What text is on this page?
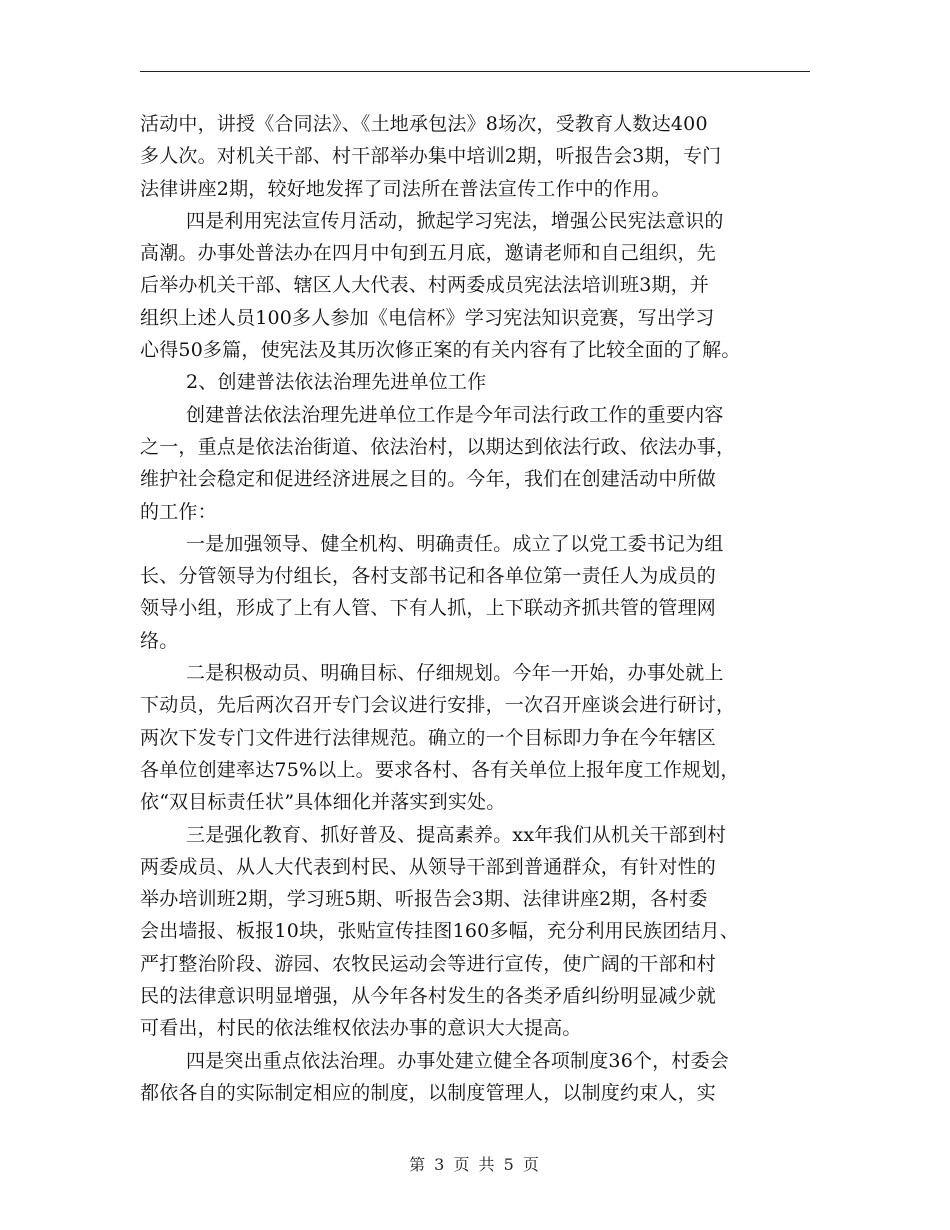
活动中，讲授《合同法》、《土地承包法》8场次，受教育人数达400
多人次。对机关干部、村干部举办集中培训2期，听报告会3期，专门
法律讲座2期，较好地发挥了司法所在普法宣传工作中的作用。
四是利用宪法宣传月活动，掀起学习宪法，增强公民宪法意识的
高潮。办事处普法办在四月中旬到五月底，邀请老师和自己组织，先
后举办机关干部、辖区人大代表、村两委成员宪法法培训班3期，并
组织上述人员100多人参加《电信杯》学习宪法知识竞赛，写出学习
心得50多篇，使宪法及其历次修正案的有关内容有了比较全面的了解。
2、创建普法依法治理先进单位工作
创建普法依法治理先进单位工作是今年司法行政工作的重要内容
之一，重点是依法治街道、依法治村，以期达到依法行政、依法办事，
维护社会稳定和促进经济进展之目的。今年，我们在创建活动中所做
的工作：
一是加强领导、健全机构、明确责任。成立了以党工委书记为组
长、分管领导为付组长，各村支部书记和各单位第一责任人为成员的
领导小组，形成了上有人管、下有人抓，上下联动齐抓共管的管理网
络。
二是积极动员、明确目标、仔细规划。今年一开始，办事处就上
下动员，先后两次召开专门会议进行安排，一次召开座谈会进行研讨，
两次下发专门文件进行法律规范。确立的一个目标即力争在今年辖区
各单位创建率达75%以上。要求各村、各有关单位上报年度工作规划，
依“双目标责任状”具体细化并落实到实处。
三是强化教育、抓好普及、提高素养。xx年我们从机关干部到村
两委成员、从人大代表到村民、从领导干部到普通群众，有针对性的
举办培训班2期，学习班5期、听报告会3期、法律讲座2期，各村委
会出墙报、板报10块，张贴宣传挂图160多幅，充分利用民族团结月、
严打整治阶段、游园、农牧民运动会等进行宣传，使广阔的干部和村
民的法律意识明显增强，从今年各村发生的各类矛盾纠纷明显减少就
可看出，村民的依法维权依法办事的意识大大提高。
四是突出重点依法治理。办事处建立健全各项制度36个，村委会
都依各自的实际制定相应的制度，以制度管理人，以制度约束人，实
第 3 页 共 5 页
